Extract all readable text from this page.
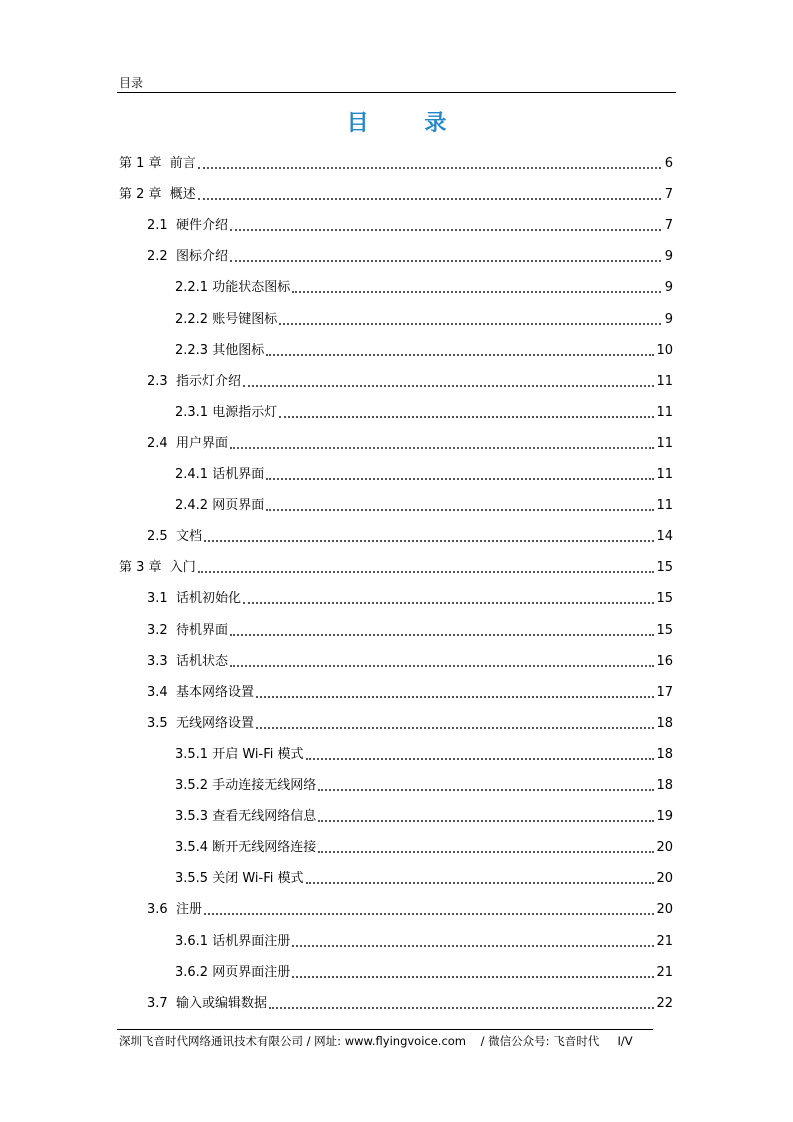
目录
目 录
第 1 章 前言	6
第 2 章 概述	7
2.1 硬件介绍	7
2.2 图标介绍	9
2.2.1 功能状态图标	9
2.2.2 账号键图标	9
2.2.3 其他图标	10
2.3 指示灯介绍	11
2.3.1 电源指示灯	11
2.4 用户界面	11
2.4.1 话机界面	11
2.4.2 网页界面	11
2.5 文档	14
第 3 章 入门	15
3.1 话机初始化	15
3.2 待机界面	15
3.3 话机状态	16
3.4 基本网络设置	17
3.5 无线网络设置	18
3.5.1 开启 Wi-Fi 模式	18
3.5.2 手动连接无线网络	18
3.5.3 查看无线网络信息	19
3.5.4 断开无线网络连接	20
3.5.5 关闭 Wi-Fi 模式	20
3.6 注册	20
3.6.1 话机界面注册	21
3.6.2 网页界面注册	21
3.7 输入或编辑数据	22
深圳飞音时代网络通讯技术有限公司 / 网址: www.flyingvoice.com    / 微信公众号: 飞音时代     I/V
